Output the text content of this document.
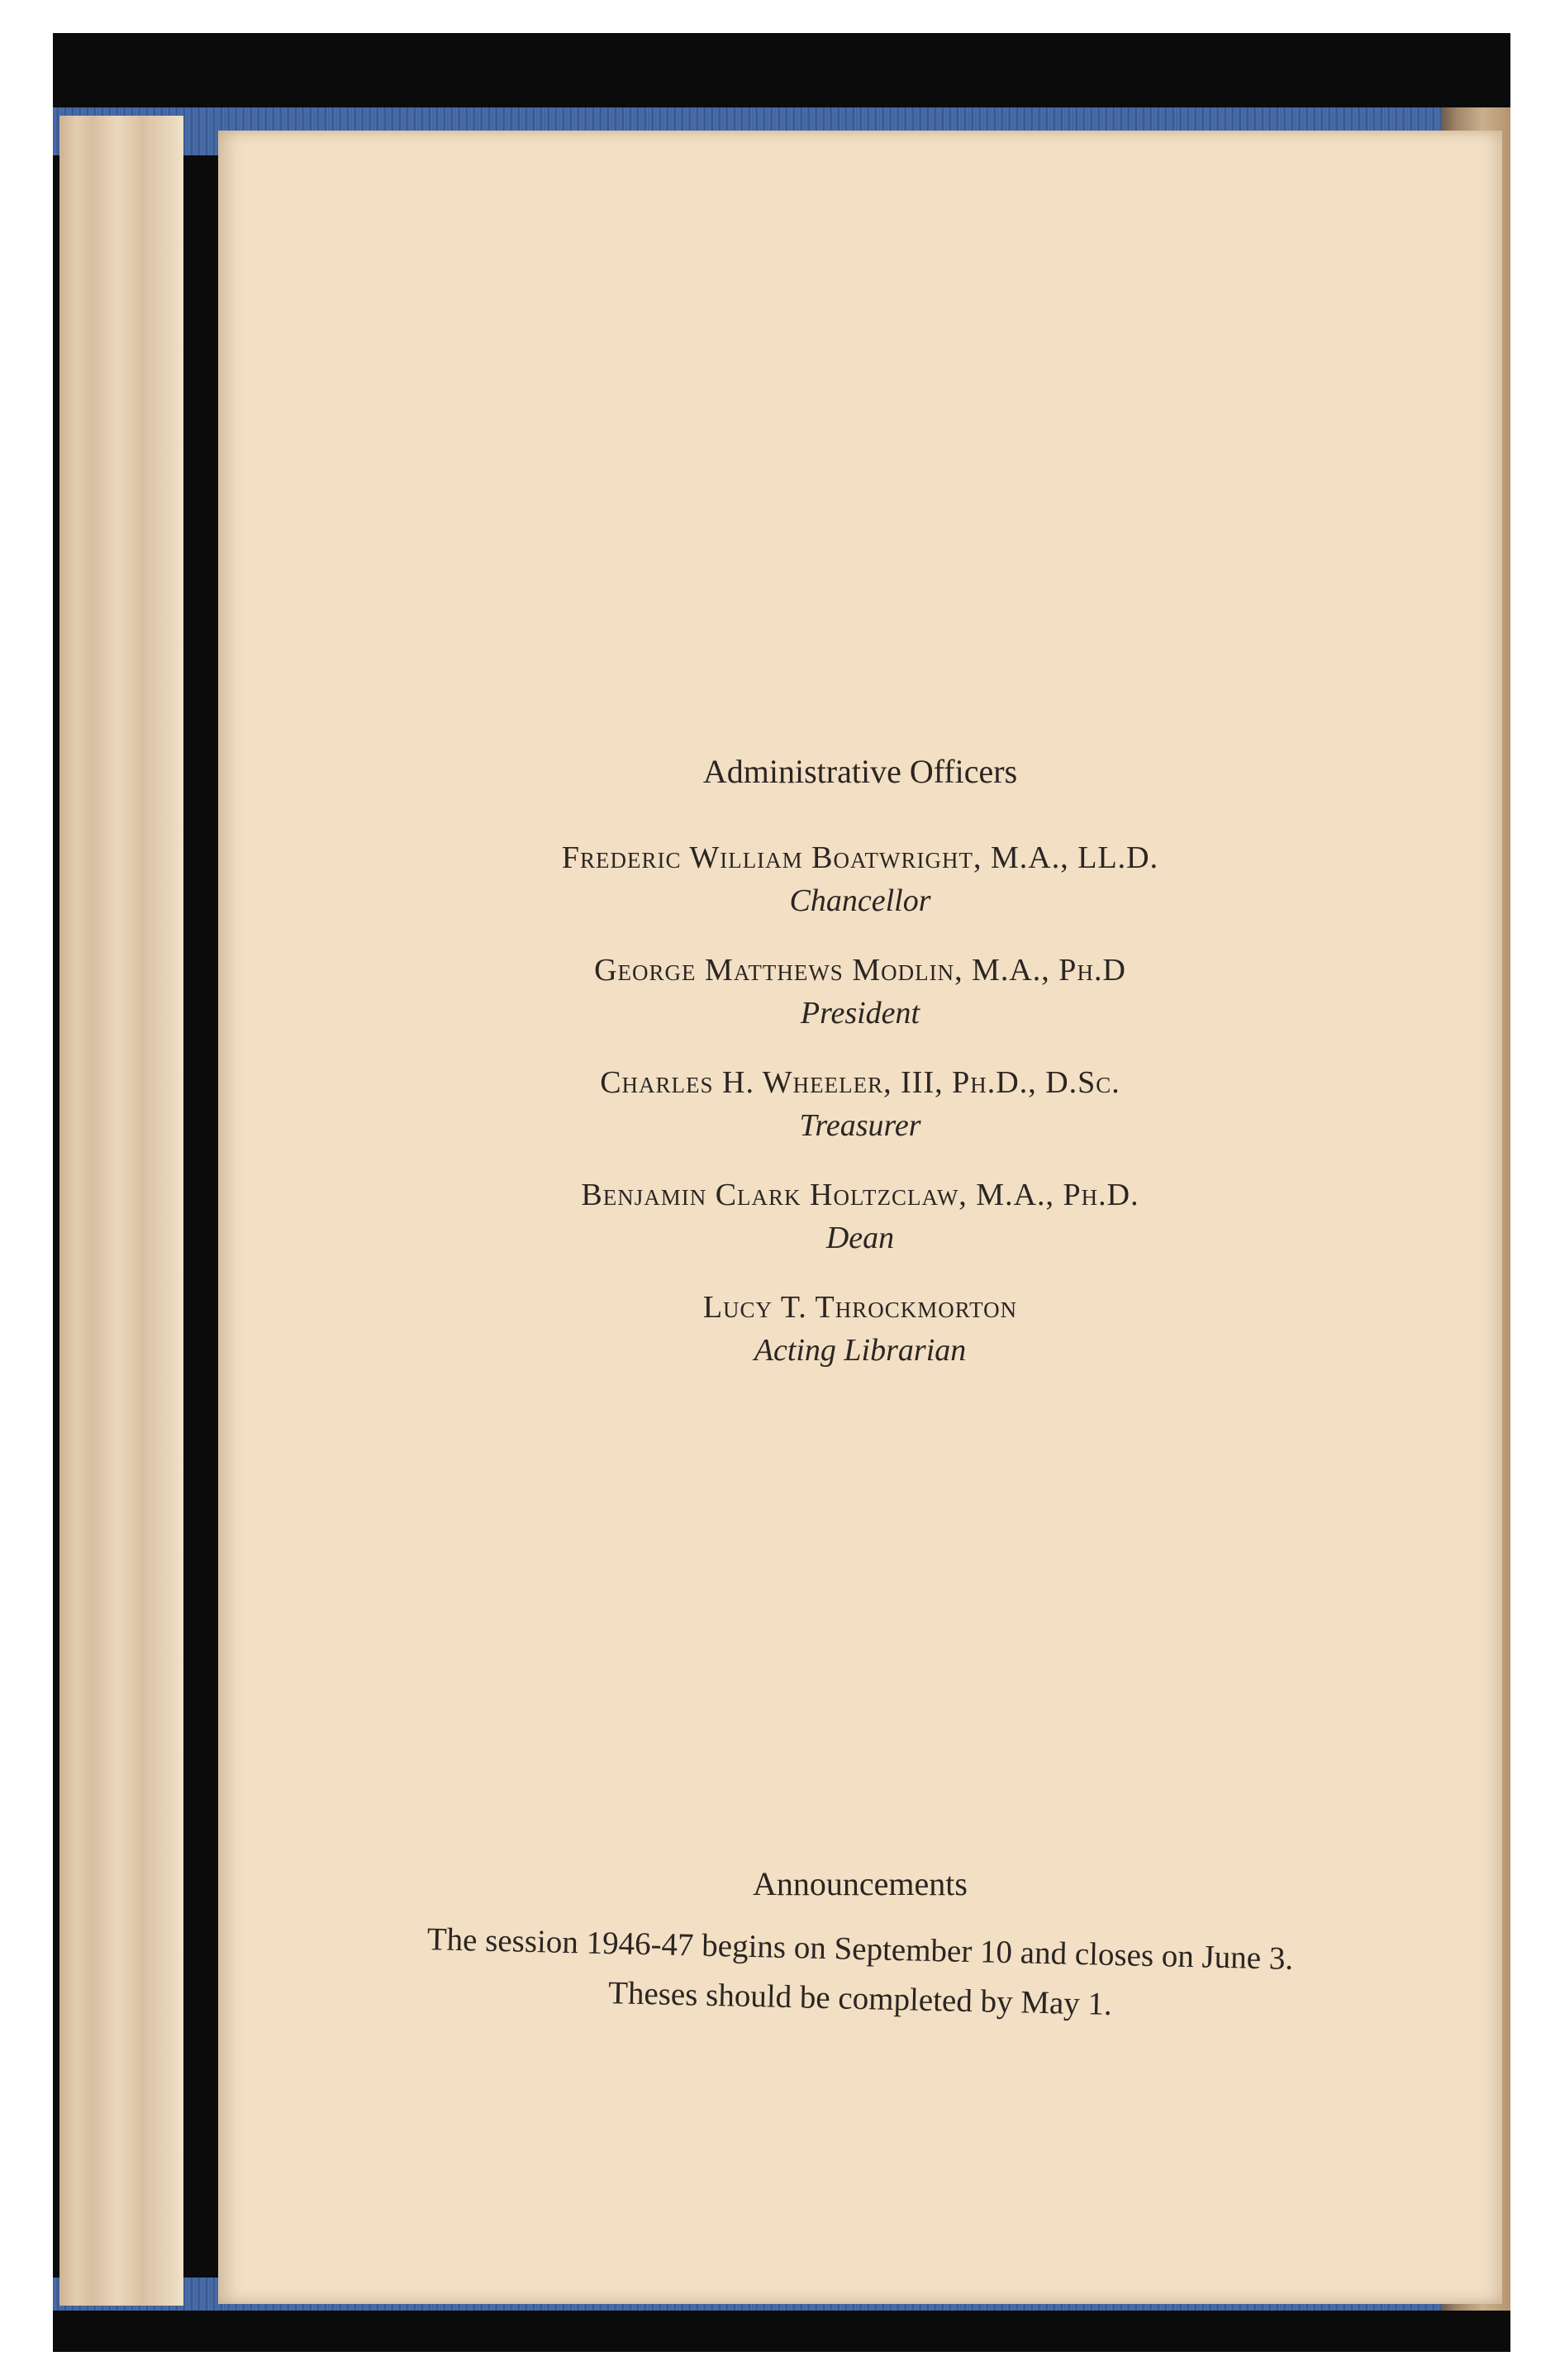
Administrative Officers
Frederic William Boatwright, M.A., LL.D.
Chancellor
George Matthews Modlin, M.A., Ph.D
President
Charles H. Wheeler, III, Ph.D., D.Sc.
Treasurer
Benjamin Clark Holtzclaw, M.A., Ph.D.
Dean
Lucy T. Throckmorton
Acting Librarian
Announcements
The session 1946-47 begins on September 10 and closes on June 3.
Theses should be completed by May 1.
